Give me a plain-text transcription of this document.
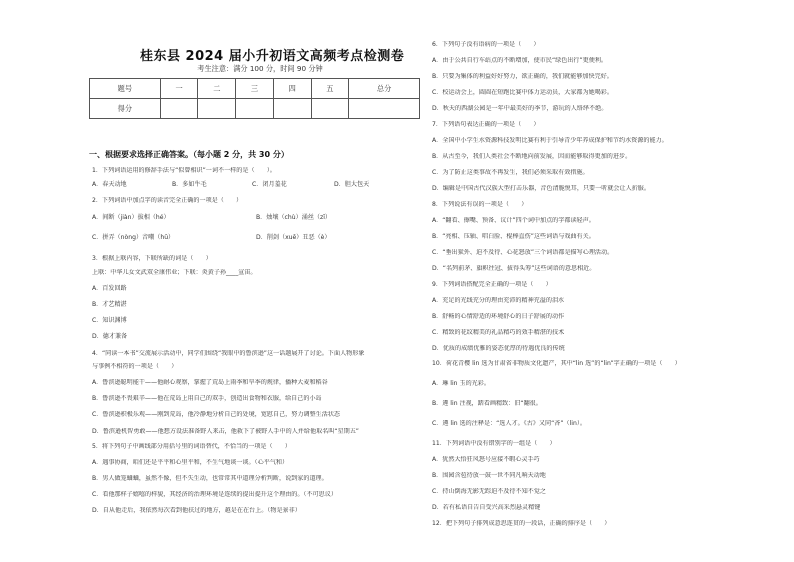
桂东县 2024 届小升初语文高频考点检测卷
考生注意：满分 100 分，时间 90 分钟
题号	一	二	三	四	五	总分
得分						
一、根据要求选择正确答案。（每小题 2 分，共 30 分）
1．下列词语运用的修辞手法与“似曾相识”一词不一样的是（　　）。
A．春天动地	B．多如牛毛	C．闭月羞花	D．胆大包天
2．下列词语中加点字的读音完全正确的一项是（　　）
A．间断（jiàn）拔相（hé）	B．烛壤（chù）涌丝（zī）
C．拼弄（nòng）音嘲（hū）	D．削剑（xuē）丑恶（è）
3．根据上联内容，下联所缺的词是（　　）
上联：中华儿女文武双全康伟业；下联：炎黄子孙____宣宙。
A．百发回路
B．才艺精湛
C．知识渊博
D．德才兼备
4．“同读一本书”交流展示活动中，同学们围绕“我眼中的鲁滨逊”这一话题展开了讨论。下面人物形象
与事例不相符的一项是（　　）
A．鲁滨逊聪明能干——他耐心观察，掌握了荒岛上雨季和旱季的规律，播种大麦和稻谷
B．鲁滨逊不畏艰辛——他在荒岛上用自己的双手，创造出食物和衣服，给自己的小岛
C．鲁滨逊积极乐观——刚到荒岛，他冷静地分析自己的处境，宽慰自己，努力调整生活状态
D．鲁滨逊机智勇敢——他想方设法准备野人来击，他救下了被野人手中的人并给他取名叫“星期五”
5．将下列句子中画线部分用括号里的词语替代，不恰当的一项是（　　）
A．遇事协商，咱们还是平平和心里平和，不生气地谈一谈。（心平气和）
B．男人做笼蛐蛐，虽然不像，但不失生动，也常常其中道理分析判断，说到家的道理。
C．看他那样子嬉嘻的样貌，其经济的治理环境是连续的提出提升这个理由的。（不可思议）
D．自从他走后，我依然每次看到他扶过的地方，越是在在台上。（物是景非）
6．下列句子没有语病的一项是（　　）
A．由于公共自行车站点的不断增加，使市民“绿色出行”更便利。
B．只要为集体的利益好好努力，欲正确的，我们就能够加快完好。
C．校运动会上，圆圆在短跑比赛中体力运动员，大家都为她喝彩。
D．秋天的西湖公园是一年中最美好的季节，游玩的人络绎不绝。
7．下列语句表达正确的一项是（　　）
A．全国中小学生水资源科技发明比赛有利于引导青少年养成保护和节约水资源的能力。
B．从古至今，我们人类社会不断地向前发展，因而能够取得更加的进步。
C．为了防止这类事故不再发生，我们必须采取有效措施。
D．编辑是中国古代汉族大型打击乐器，音色清脆悦耳，只要一听就会让人折服。
8．下列说法有误的一项是（　　）
A．“翻看、擦嘴、预备、议计”四个词中加点的字都读轻声。
B．“亮相、压轴、唱白脸、棍棒直伤”这些词语与戏曲有关。
C．“垂出狱外、迫不及待、心花怒放”三个词语都是描写心理活动。
D．“名列前茅、旗帜往冠、拔得头筹”这些词语的意思相近。
9．下列词语搭配完全正确的一项是（　　）
A．充足的光线充分的理由充沛的精神充溢的泪水
B．舒畅的心情舒适的环境舒心的日子舒展的动作
C．精致的花纹精美的礼品精巧的效手精湛的技术
D．优质的成绩优雅的姿态优厚的待遇优良的传统
10．荷花青樱 lin 选为甘肃省非物质文化遗产，其中“lin 选”的“lin”字正确的一项是（　　）
A．琳 lin 玉的光彩。
B．遴 lin 注视，踏看画精致：旧“翻很。
C．遴 lin 选的注释是：“选人才。《古》又同“吝”（lin）。
11．下列词语中没有错别字的一组是（　　）
A．犹然大悟狂风怒号应接不暇心灵手巧
B．围园含苞待放一鼓一世不同凡响天动地
C．持山倒海无影无踪迫不及待不知不觉之
D．若有私语自告自受兴高采烈悬灵精键
12．把下列句子排列成意思连贯的一段话，正确的排序是（　　）
